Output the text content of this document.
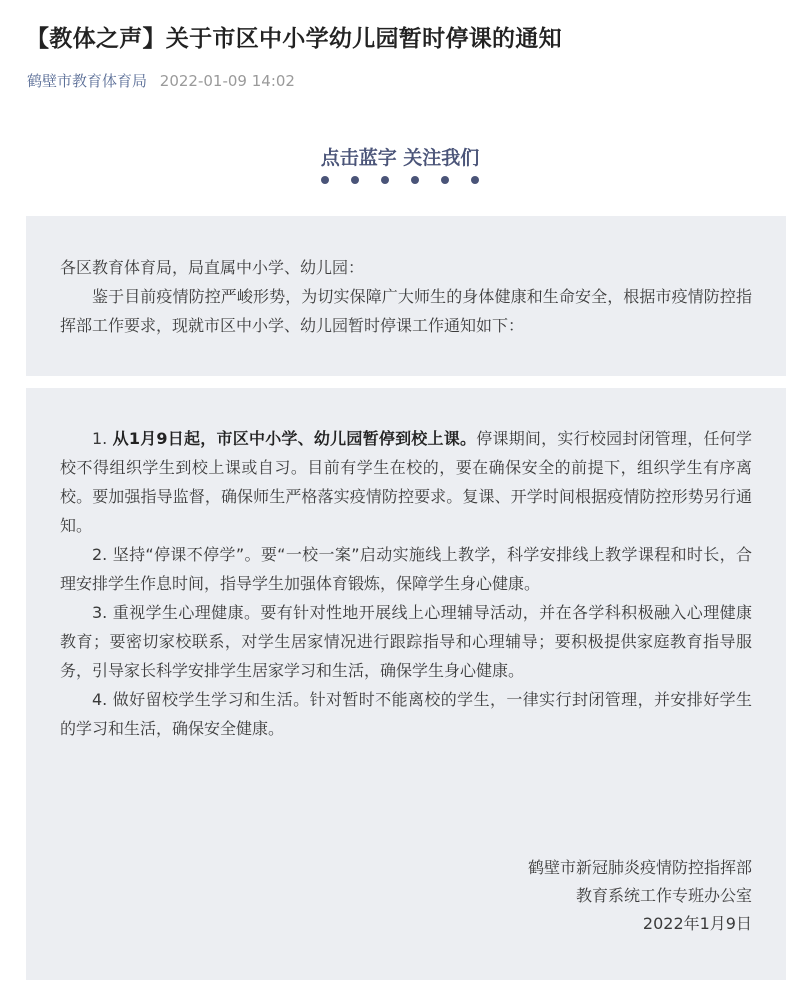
【教体之声】关于市区中小学幼儿园暂时停课的通知
鹤壁市教育体育局 2022-01-09 14:02
点击蓝字 关注我们

各区教育体育局，局直属中小学、幼儿园：

鉴于目前疫情防控严峻形势，为切实保障广大师生的身体健康和生命安全，根据市疫情防控指挥部工作要求，现就市区中小学、幼儿园暂时停课工作通知如下：

1. 从1月9日起，市区中小学、幼儿园暂停到校上课。停课期间，实行校园封闭管理，任何学校不得组织学生到校上课或自习。目前有学生在校的，要在确保安全的前提下，组织学生有序离校。要加强指导监督，确保师生严格落实疫情防控要求。复课、开学时间根据疫情防控形势另行通知。

2. 坚持“停课不停学”。要“一校一案”启动实施线上教学，科学安排线上教学课程和时长，合理安排学生作息时间，指导学生加强体育锻炼，保障学生身心健康。

3. 重视学生心理健康。要有针对性地开展线上心理辅导活动，并在各学科积极融入心理健康教育；要密切家校联系，对学生居家情况进行跟踪指导和心理辅导；要积极提供家庭教育指导服务，引导家长科学安排学生居家学习和生活，确保学生身心健康。

4. 做好留校学生学习和生活。针对暂时不能离校的学生，一律实行封闭管理，并安排好学生的学习和生活，确保安全健康。

鹤壁市新冠肺炎疫情防控指挥部
教育系统工作专班办公室
2022年1月9日
